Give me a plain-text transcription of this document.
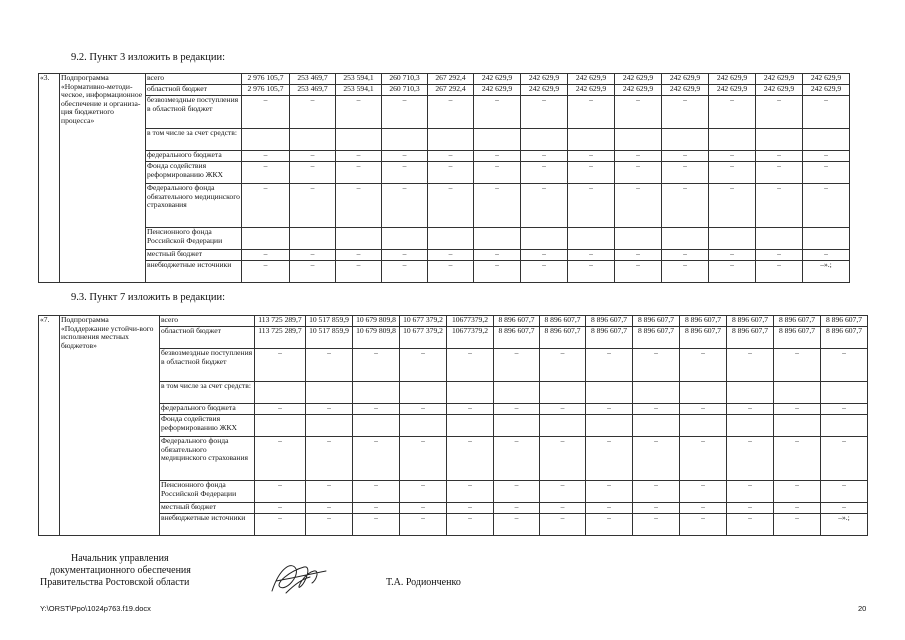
9.2. Пункт 3 изложить в редакции:
«3.	Подпрограмма «Нормативно-методи-ческое, информационное обеспечение и организа-ция бюджетного процесса»	всего	2 976 105,7	253 469,7	253 594,1	260 710,3	267 292,4	242 629,9	242 629,9	242 629,9	242 629,9	242 629,9	242 629,9	242 629,9	242 629,9
		областной бюджет	2 976 105,7	253 469,7	253 594,1	260 710,3	267 292,4	242 629,9	242 629,9	242 629,9	242 629,9	242 629,9	242 629,9	242 629,9	242 629,9
		безвозмездные поступления в областной бюджет	–	–	–	–	–	–	–	–	–	–	–	–	–
		в том числе за счет средств:													
		федерального бюджета	–	–	–	–	–	–	–	–	–	–	–	–	–
		Фонда содействия реформированию ЖКХ	–	–	–	–	–	–	–	–	–	–	–	–	–
		Федерального фонда обязательного медицинского страхования	–	–	–	–	–	–	–	–	–	–	–	–	–
		Пенсионного фонда Российской Федерации													
		местный бюджет	–	–	–	–	–	–	–	–	–	–	–	–	–
		внебюджетные источники	–	–	–	–	–	–	–	–	–	–	–	–	–».;
9.3. Пункт 7 изложить в редакции:
«7.	Подпрограмма «Поддержание устойчи-вого исполнения местных бюджетов»	всего	113 725 289,7	10 517 859,9	10 679 809,8	10 677 379,2	10677379,2	8 896 607,7	8 896 607,7	8 896 607,7	8 896 607,7	8 896 607,7	8 896 607,7	8 896 607,7	8 896 607,7
		областной бюджет	113 725 289,7	10 517 859,9	10 679 809,8	10 677 379,2	10677379,2	8 896 607,7	8 896 607,7	8 896 607,7	8 896 607,7	8 896 607,7	8 896 607,7	8 896 607,7	8 896 607,7
		безвозмездные поступления в областной бюджет	–	–	–	–	–	–	–	–	–	–	–	–	–
		в том числе за счет средств:													
		федерального бюджета	–	–	–	–	–	–	–	–	–	–	–	–	–
		Фонда содействия реформированию ЖКХ													
		Федерального фонда обязательного медицинского страхования	–	–	–	–	–	–	–	–	–	–	–	–	–
		Пенсионного фонда Российской Федерации	–	–	–	–	–	–	–	–	–	–	–	–	–
		местный бюджет	–	–	–	–	–	–	–	–	–	–	–	–	–
		внебюджетные источники	–	–	–	–	–	–	–	–	–	–	–	–	–».;
Начальник управления
документационного обеспечения
Правительства Ростовской области	Т.А. Родионченко
Y:\ORST\Ppo\1024p763.f19.docx	20
